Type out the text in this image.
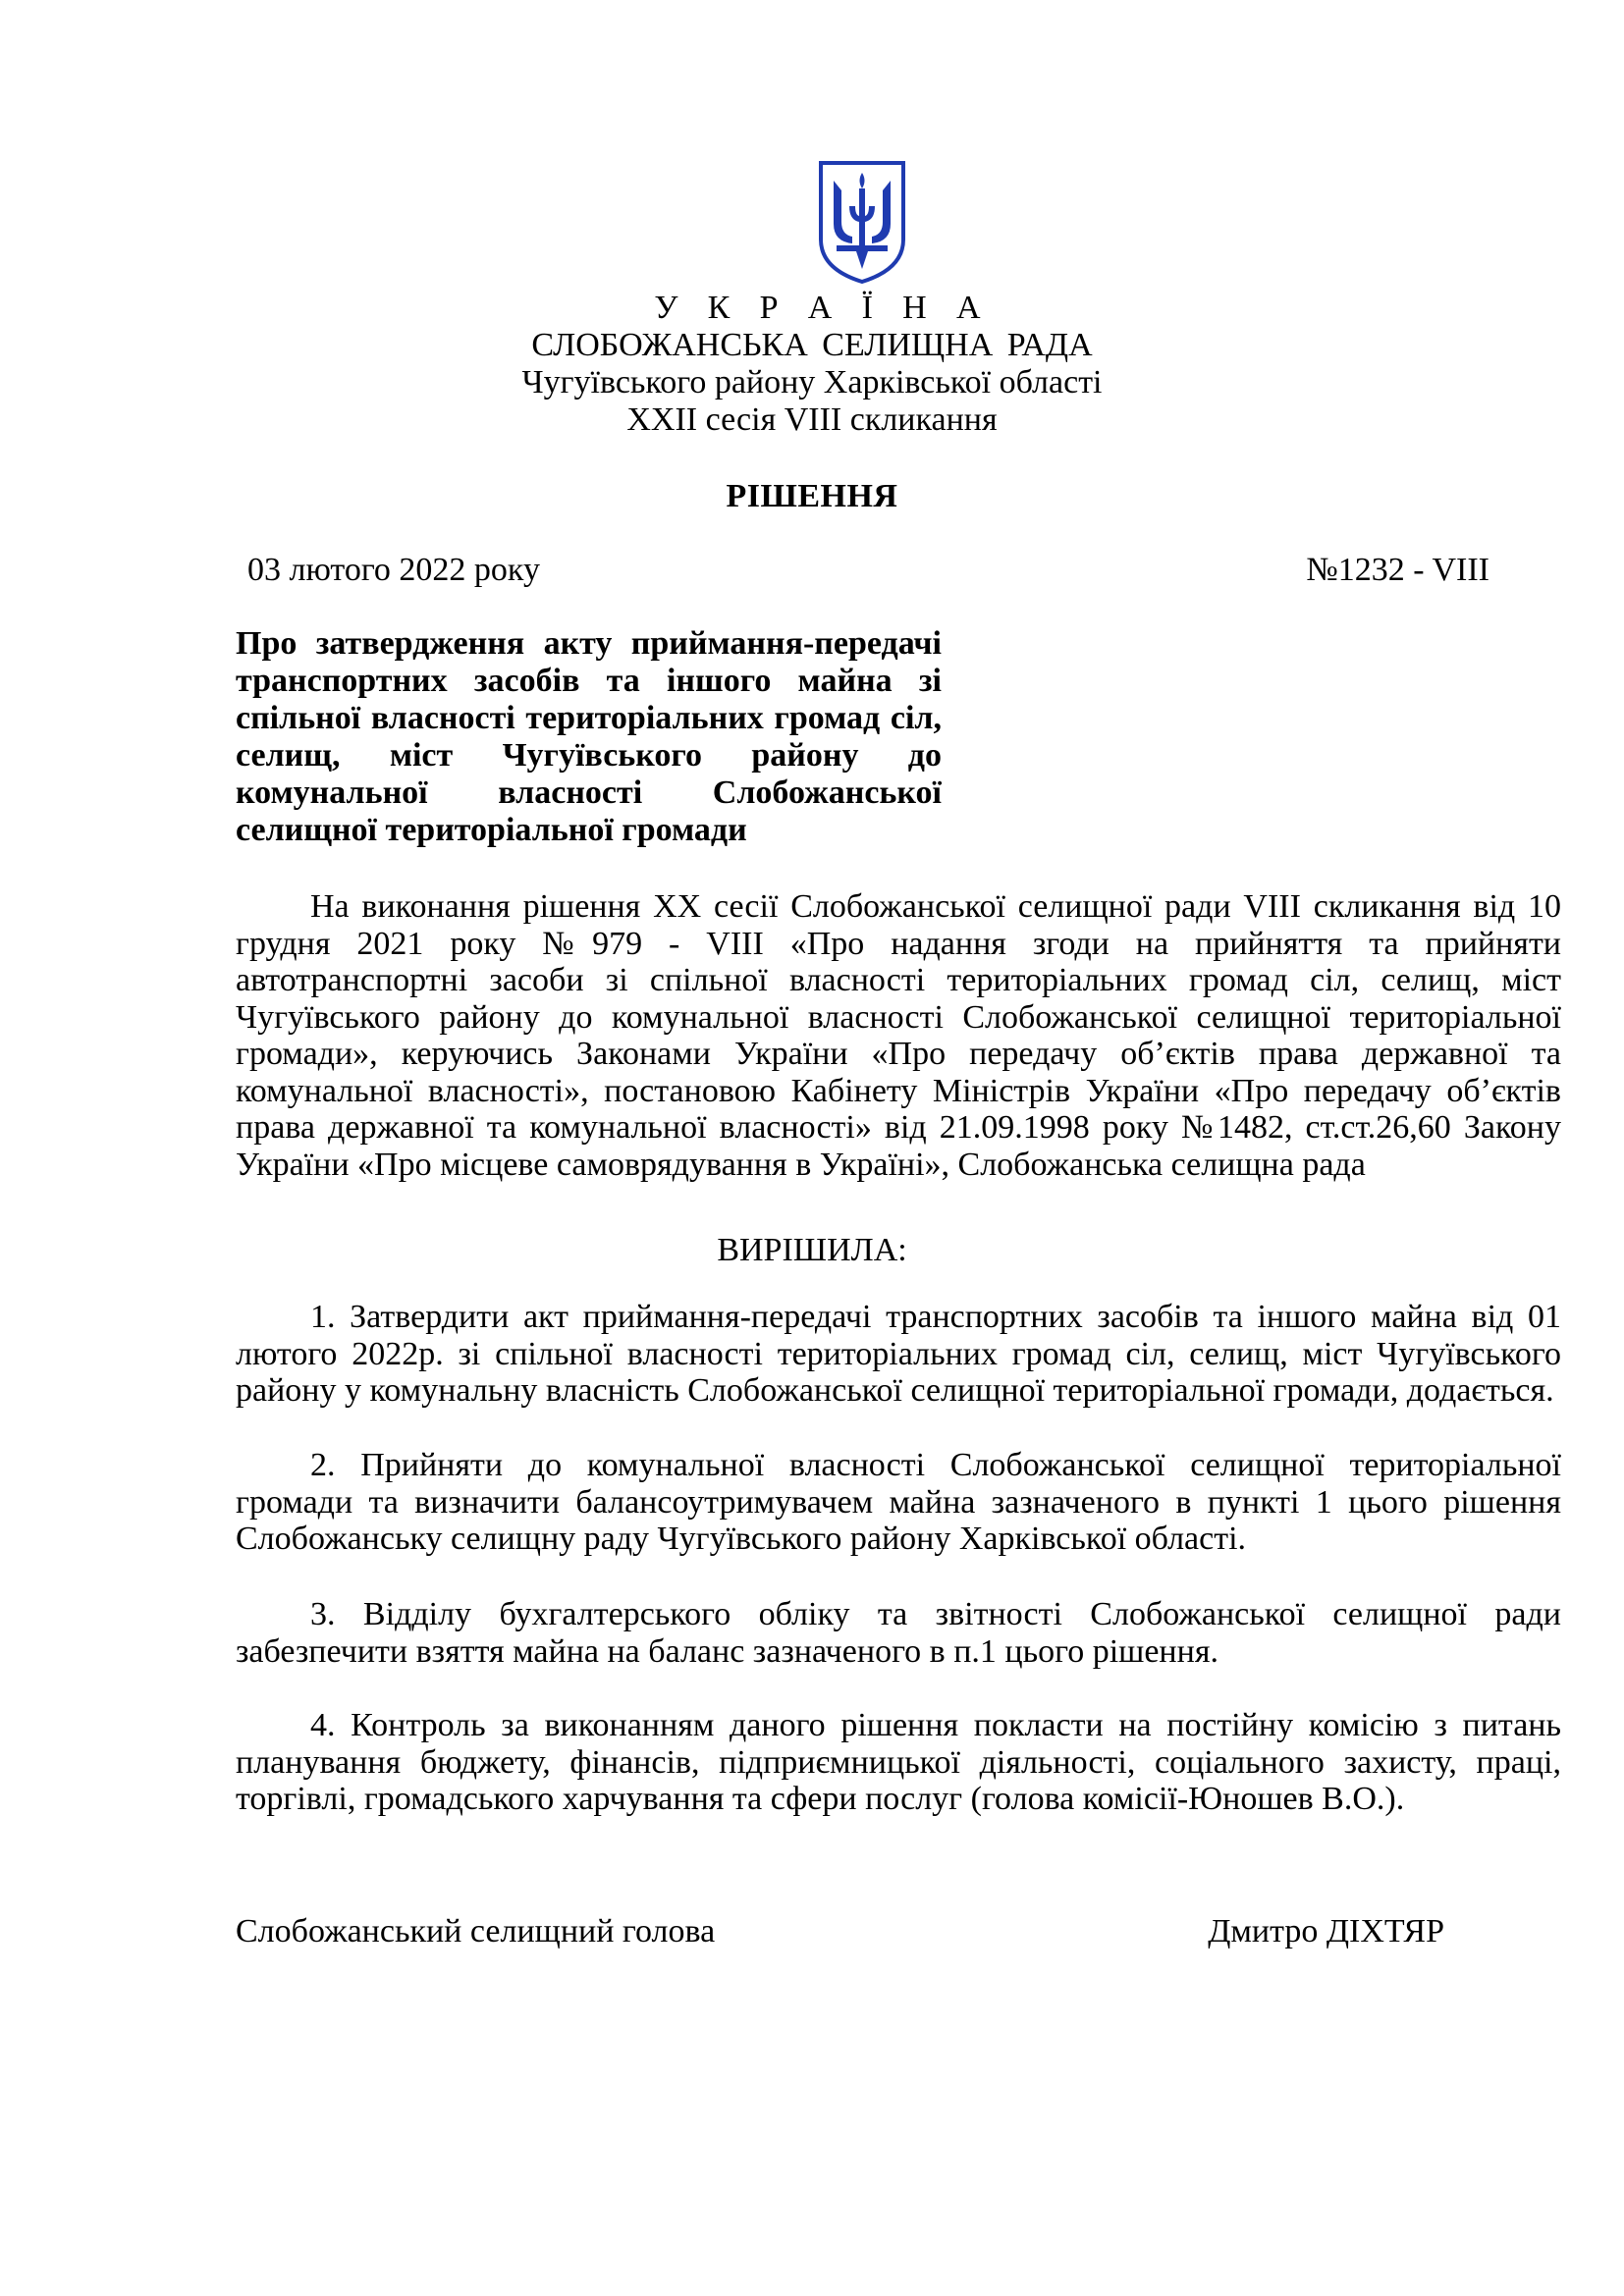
У К Р А Ї Н А
СЛОБОЖАНСЬКА СЕЛИЩНА РАДА
Чугуївського району Харківської області
XXII сесія VIII скликання
РІШЕННЯ
03 лютого 2022 року	№1232 - VIII
Про затвердження акту приймання-передачі транспортних засобів та іншого майна зі спільної власності територіальних громад сіл, селищ, міст Чугуївського району до комунальної власності Слобожанської селищної територіальної громади

На виконання рішення ХХ сесії Слобожанської селищної ради VIII скликання від 10 грудня 2021 року №979 - VIII «Про надання згоди на прийняття та прийняти автотранспортні засоби зі спільної власності територіальних громад сіл, селищ, міст Чугуївського району до комунальної власності Слобожанської селищної територіальної громади», керуючись Законами України «Про передачу об’єктів права державної та комунальної власності», постановою Кабінету Міністрів України «Про передачу об’єктів права державної та комунальної власності» від 21.09.1998 року №1482, ст.ст.26,60 Закону України «Про місцеве самоврядування в Україні», Слобожанська селищна рада

ВИРІШИЛА:

1. Затвердити акт приймання-передачі транспортних засобів та іншого майна від 01 лютого 2022р. зі спільної власності територіальних громад сіл, селищ, міст Чугуївського району у комунальну власність Слобожанської селищної територіальної громади, додається.

2. Прийняти до комунальної власності Слобожанської селищної територіальної громади та визначити балансоутримувачем майна зазначеного в пункті 1 цього рішення Слобожанську селищну раду Чугуївського району Харківської області.

3. Відділу бухгалтерського обліку та звітності Слобожанської селищної ради забезпечити взяття майна на баланс зазначеного в п.1 цього рішення.

4. Контроль за виконанням даного рішення покласти на постійну комісію з питань планування бюджету, фінансів, підприємницької діяльності, соціального захисту, праці, торгівлі, громадського харчування та сфери послуг (голова комісії-Юношев В.О.).

Слобожанський селищний голова	Дмитро ДІХТЯР
